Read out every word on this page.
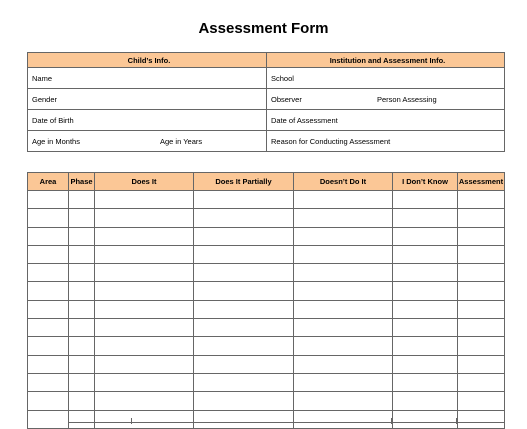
Assessment Form
Child’s Info.	Institution and Assessment Info.

Name	School

Gender	Observer Person Assessing

Date of Birth	Date of Assessment

Age in Months Age in Years	Reason for Conducting Assessment
Area	Phase	Does It	Does It Partially	Doesn’t Do It	I Don’t Know	Assessment
